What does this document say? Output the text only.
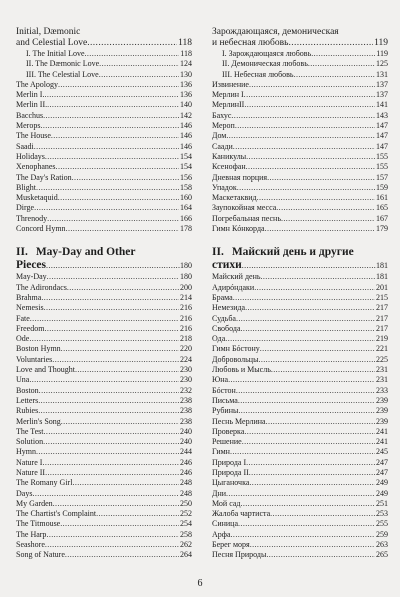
Initial, Dæmonic
and Celestial Love .....	118
I. The Initial Love .....	118
II. The Dæmonic Love .....	124
III. The Celestial Love .....	130
The Apology .....	136
Merlin I. .....	136
Merlin II. .....	140
Bacchus .....	142
Merops .....	146
The House .....	146
Saadi .....	146
Holidays .....	154
Xenophanes .....	154
The Day's Ration .....	156
Blight .....	158
Musketaquid .....	160
Dirge .....	164
Threnody .....	166
Concord Hymn .....	178
II. May-Day and Other
Pieces .....	180
May-Day .....	180
The Adirondacs .....	200
Brahma .....	214
Nemesis .....	216
Fate .....	216
Freedom .....	216
Ode .....	218
Boston Hymn .....	220
Voluntaries .....	224
Love and Thought .....	230
Una .....	230
Boston .....	232
Letters .....	238
Rubies .....	238
Merlin's Song .....	238
The Test .....	240
Solution .....	240
Hymn .....	244
Nature I .....	246
Nature II .....	246
The Romany Girl .....	248
Days .....	248
My Garden .....	250
The Chartist's Complaint .....	252
The Titmouse .....	254
The Harp .....	258
Seashore .....	262
Song of Nature .....	264
Зарождающаяся, демоническая
и небесная любовь .....	119
I. Зарождающаяся любовь .....	119
II. Демоническая любовь .....	125
III. Небесная любовь .....	131
Извинение .....	137
Мерлин I .....	137
МерлинII .....	141
Бахус .....	143
Мероп .....	147
Дом .....	147
Саади .....	147
Каникулы .....	155
Ксенофан .....	155
Дневная порция .....	157
Упадок .....	159
Маскетаквид .....	161
Заупокойная месса .....	165
Погребальная песнь .....	167
Гимн Кóнкорда .....	179
II. Майский день и другие
стихи .....	181
Майский день .....	181
Адирóндаки .....	201
Брама .....	215
Немезида .....	217
Судьба .....	217
Свобода .....	217
Ода .....	219
Гимн Бóстону .....	221
Добровольцы .....	225
Любовь и Мысль .....	231
Юна .....	231
Бóстон .....	233
Письма .....	239
Рубины .....	239
Песнь Мерлина .....	239
Проверка .....	241
Решение .....	241
Гимн .....	245
Природа I .....	247
Природа II .....	247
Цыганочка .....	249
Дни .....	249
Мой сад .....	251
Жалоба чартиста .....	253
Синица .....	255
Арфа .....	259
Берег моря .....	263
Песня Природы .....	265
6
